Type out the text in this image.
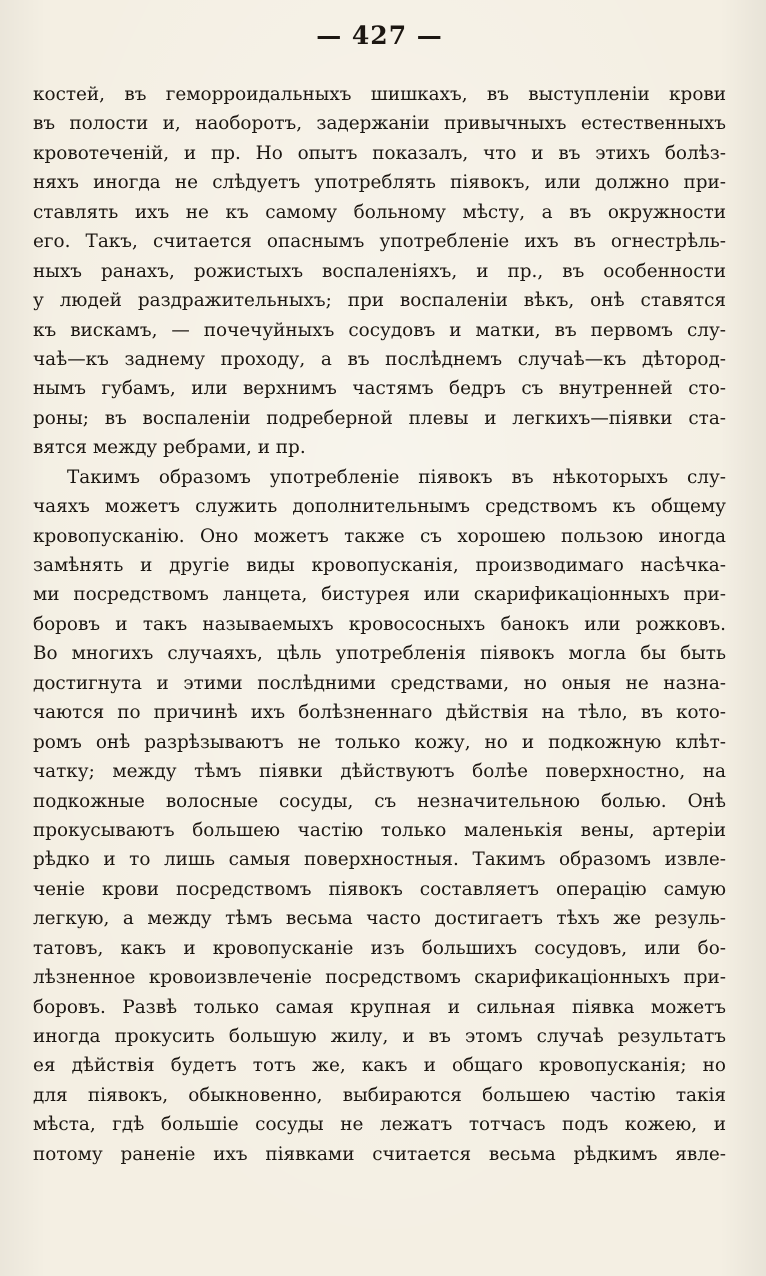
— 427 —
костей, въ геморроидальныхъ шишкахъ, въ выступленіи крови
въ полости и, наоборотъ, задержаніи привычныхъ естественныхъ
кровотеченій, и пр. Но опытъ показалъ, что и въ этихъ болѣз-
няхъ иногда не слѣдуетъ употреблять піявокъ, или должно при-
ставлять ихъ не къ самому больному мѣсту, а въ окружности
его. Такъ, считается опаснымъ употребленіе ихъ въ огнестрѣль-
ныхъ ранахъ, рожистыхъ воспаленіяхъ, и пр., въ особенности
у людей раздражительныхъ; при воспаленіи вѣкъ, онѣ ставятся
къ вискамъ, — почечуйныхъ сосудовъ и матки, въ первомъ слу-
чаѣ—къ заднему проходу, а въ послѣднемъ случаѣ—къ дѣтород-
нымъ губамъ, или верхнимъ частямъ бедръ съ внутренней сто-
роны; въ воспаленіи подреберной плевы и легкихъ—піявки ста-
вятся между ребрами, и пр.
Такимъ образомъ употребленіе піявокъ въ нѣкоторыхъ слу-
чаяхъ можетъ служить дополнительнымъ средствомъ къ общему
кровопусканію. Оно можетъ также съ хорошею пользою иногда
замѣнять и другіе виды кровопусканія, производимаго насѣчка-
ми посредствомъ ланцета, бистурея или скарификаціонныхъ при-
боровъ и такъ называемыхъ кровососныхъ банокъ или рожковъ.
Во многихъ случаяхъ, цѣль употребленія піявокъ могла бы быть
достигнута и этими послѣдними средствами, но оныя не назна-
чаются по причинѣ ихъ болѣзненнаго дѣйствія на тѣло, въ кото-
ромъ онѣ разрѣзываютъ не только кожу, но и подкожную клѣт-
чатку; между тѣмъ піявки дѣйствуютъ болѣе поверхностно, на
подкожные волосные сосуды, съ незначительною болью. Онѣ
прокусываютъ большею частію только маленькія вены, артеріи
рѣдко и то лишь самыя поверхностныя. Такимъ образомъ извле-
ченіе крови посредствомъ піявокъ составляетъ операцію самую
легкую, а между тѣмъ весьма часто достигаетъ тѣхъ же резуль-
татовъ, какъ и кровопусканіе изъ большихъ сосудовъ, или бо-
лѣзненное кровоизвлеченіе посредствомъ скарификаціонныхъ при-
боровъ. Развѣ только самая крупная и сильная піявка можетъ
иногда прокусить большую жилу, и въ этомъ случаѣ результатъ
ея дѣйствія будетъ тотъ же, какъ и общаго кровопусканія; но
для піявокъ, обыкновенно, выбираются большею частію такія
мѣста, гдѣ большіе сосуды не лежатъ тотчасъ подъ кожею, и
потому раненіе ихъ піявками считается весьма рѣдкимъ явле-
